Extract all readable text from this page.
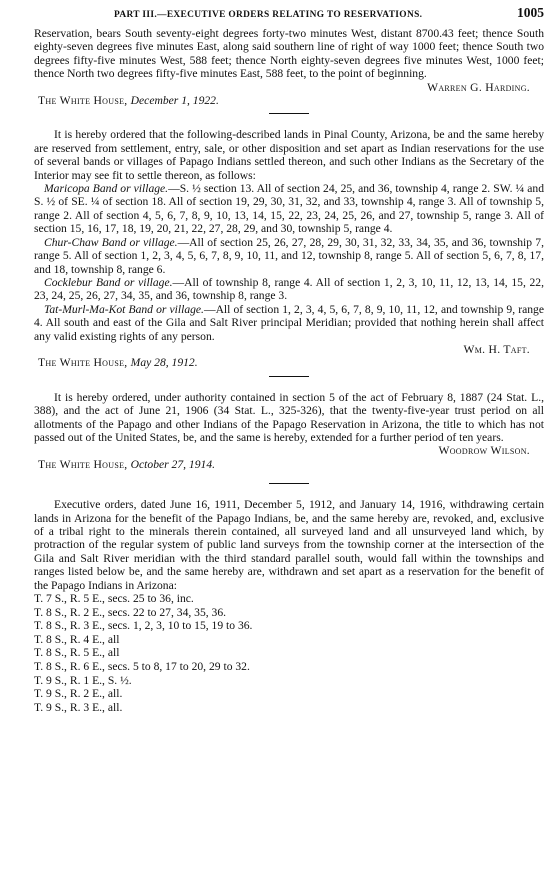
PART III.—EXECUTIVE ORDERS RELATING TO RESERVATIONS.	1005

Reservation, bears South seventy-eight degrees forty-two minutes West, distant 8700.43 feet; thence South eighty-seven degrees five minutes East, along said southern line of right of way 1000 feet; thence South two degrees fifty-five minutes West, 588 feet; thence North eighty-seven degrees five minutes West, 1000 feet; thence North two degrees fifty-five minutes East, 588 feet, to the point of beginning.

Warren G. Harding.

The White House, December 1, 1922.

It is hereby ordered that the following-described lands in Pinal County, Arizona, be and the same hereby are reserved from settlement, entry, sale, or other disposition and set apart as Indian reservations for the use of several bands or villages of Papago Indians settled thereon, and such other Indians as the Secretary of the Interior may see fit to settle thereon, as follows:

Maricopa Band or village.—S. ½ section 13. All of section 24, 25, and 36, township 4, range 2. SW. ¼ and S. ½ of SE. ¼ of section 18. All of section 19, 29, 30, 31, 32, and 33, township 4, range 3. All of township 5, range 2. All of section 4, 5, 6, 7, 8, 9, 10, 13, 14, 15, 22, 23, 24, 25, 26, and 27, township 5, range 3. All of section 15, 16, 17, 18, 19, 20, 21, 22, 27, 28, 29, and 30, township 5, range 4.

Chur-Chaw Band or village.—All of section 25, 26, 27, 28, 29, 30, 31, 32, 33, 34, 35, and 36, township 7, range 5. All of section 1, 2, 3, 4, 5, 6, 7, 8, 9, 10, 11, and 12, township 8, range 5. All of section 5, 6, 7, 8, 17, and 18, township 8, range 6.

Cocklebur Band or village.—All of township 8, range 4. All of section 1, 2, 3, 10, 11, 12, 13, 14, 15, 22, 23, 24, 25, 26, 27, 34, 35, and 36, township 8, range 3.

Tat-Murl-Ma-Kot Band or village.—All of section 1, 2, 3, 4, 5, 6, 7, 8, 9, 10, 11, 12, and township 9, range 4. All south and east of the Gila and Salt River principal Meridian; provided that nothing herein shall affect any valid existing rights of any person.

Wm. H. Taft.

The White House, May 28, 1912.

It is hereby ordered, under authority contained in section 5 of the act of February 8, 1887 (24 Stat. L., 388), and the act of June 21, 1906 (34 Stat. L., 325-326), that the twenty-five-year trust period on all allotments of the Papago and other Indians of the Papago Reservation in Arizona, the title to which has not passed out of the United States, be, and the same is hereby, extended for a further period of ten years.

Woodrow Wilson.

The White House, October 27, 1914.

Executive orders, dated June 16, 1911, December 5, 1912, and January 14, 1916, withdrawing certain lands in Arizona for the benefit of the Papago Indians, be, and the same hereby are, revoked, and, exclusive of a tribal right to the minerals therein contained, all surveyed land and all unsurveyed land which, by protraction of the regular system of public land surveys from the township corner at the intersection of the Gila and Salt River meridian with the third standard parallel south, would fall within the townships and ranges listed below be, and the same hereby are, withdrawn and set apart as a reservation for the benefit of the Papago Indians in Arizona:

T. 7 S., R. 5 E., secs. 25 to 36, inc.
T. 8 S., R. 2 E., secs. 22 to 27, 34, 35, 36.
T. 8 S., R. 3 E., secs. 1, 2, 3, 10 to 15, 19 to 36.
T. 8 S., R. 4 E., all
T. 8 S., R. 5 E., all
T. 8 S., R. 6 E., secs. 5 to 8, 17 to 20, 29 to 32.
T. 9 S., R. 1 E., S. ½.
T. 9 S., R. 2 E., all.
T. 9 S., R. 3 E., all.
